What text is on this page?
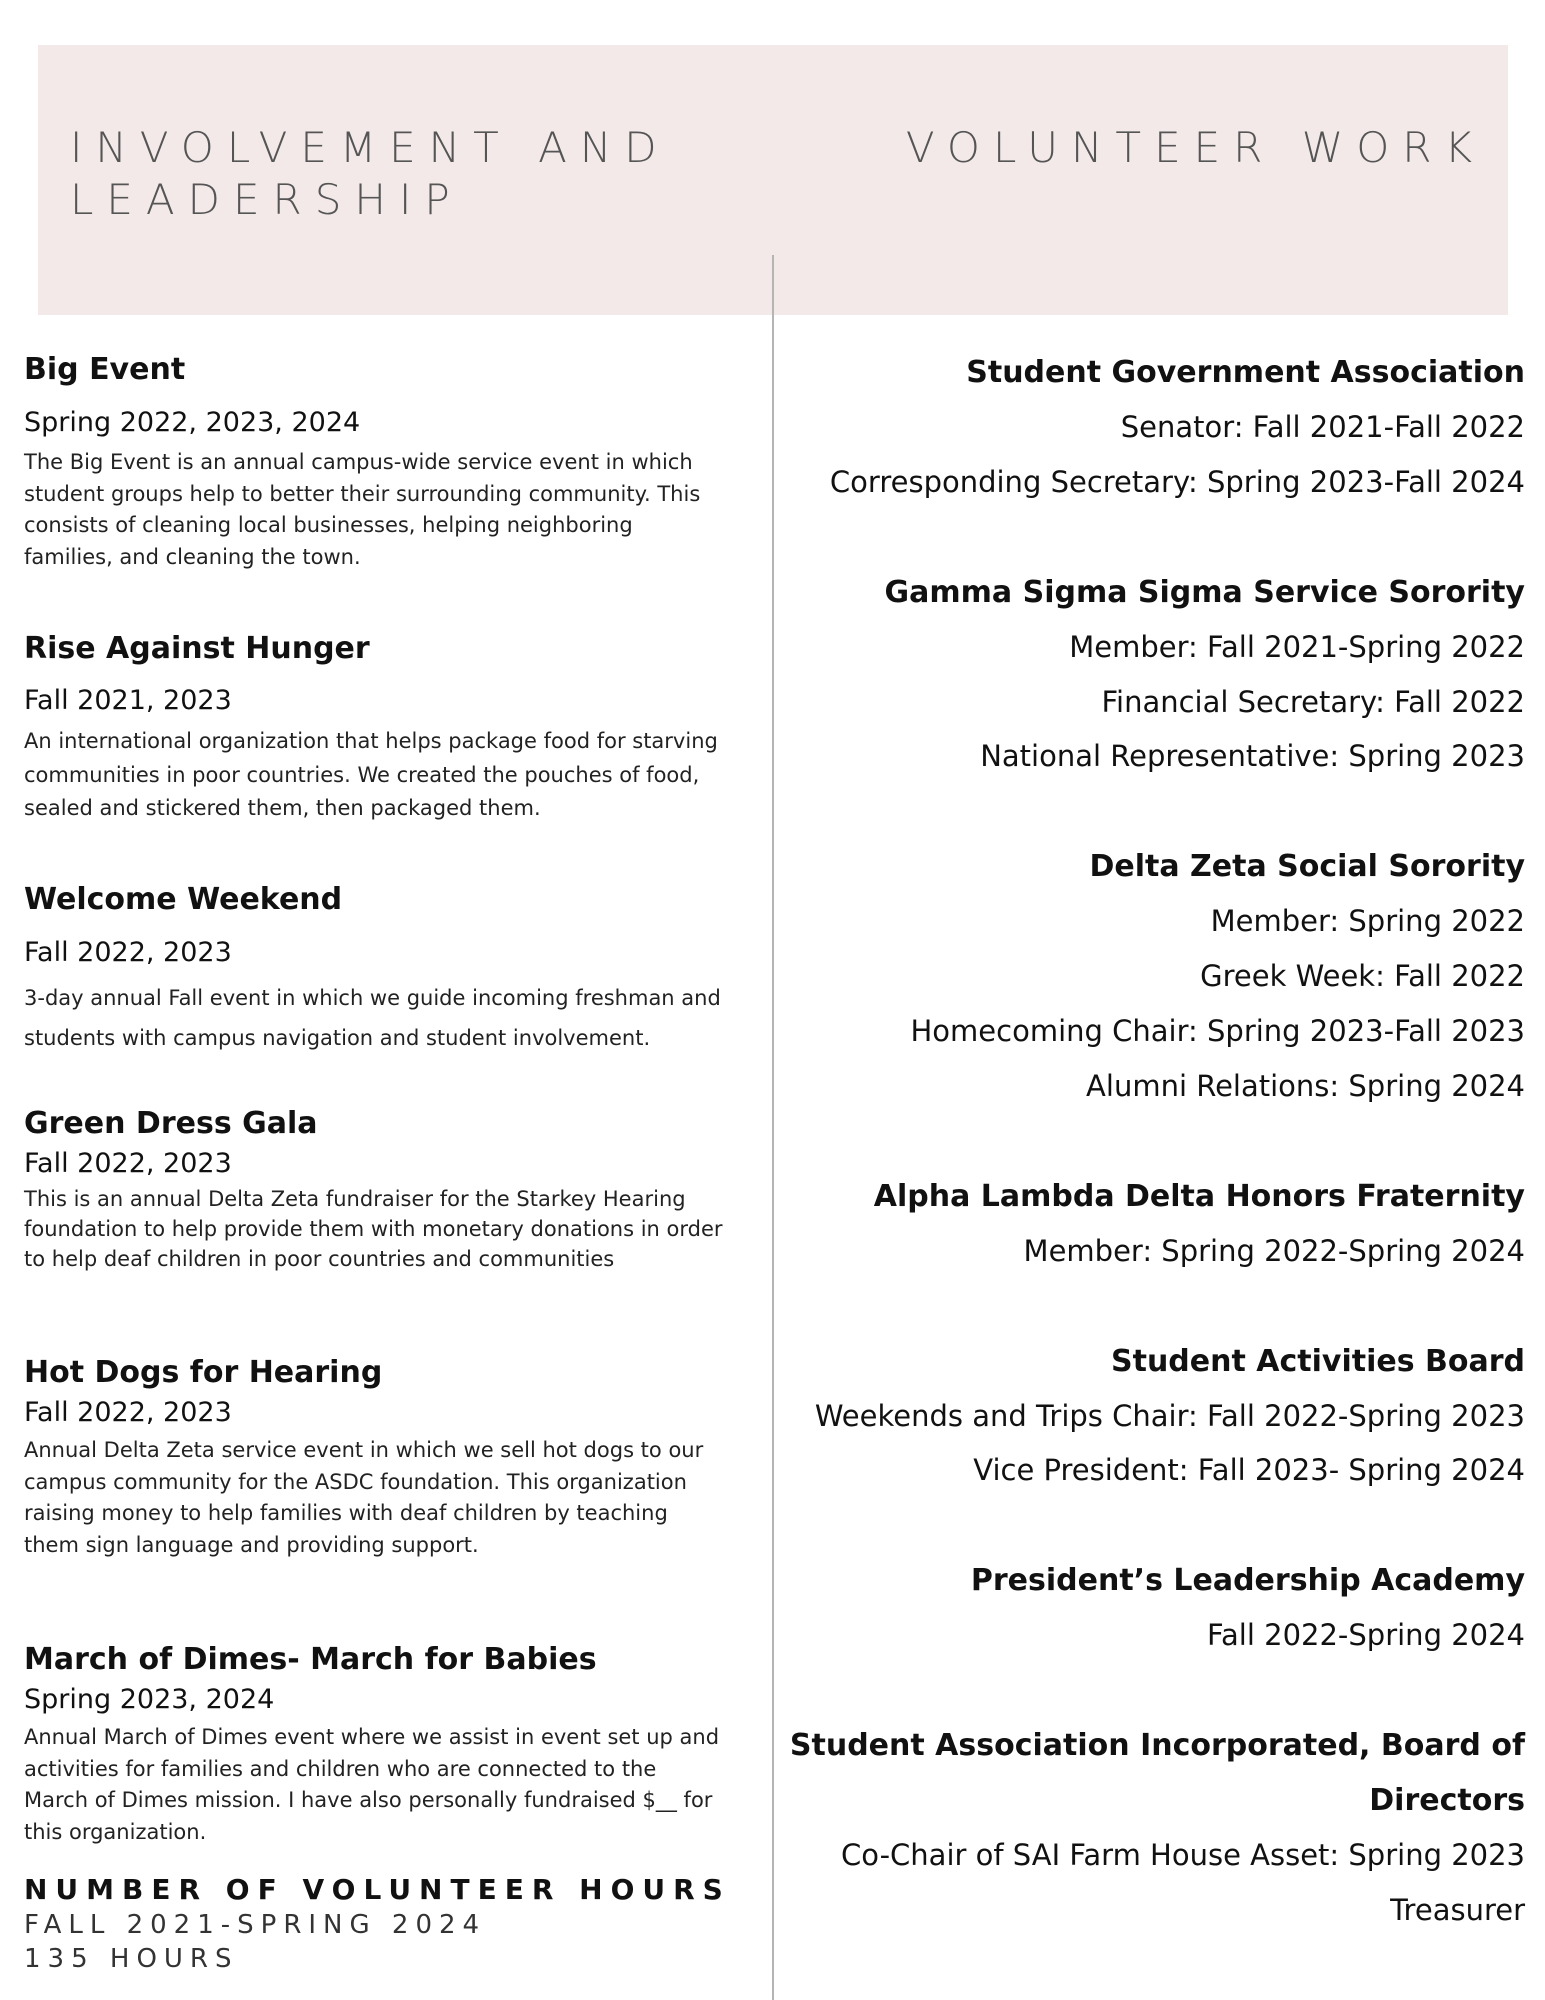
INVOLVEMENT AND LEADERSHIP
VOLUNTEER WORK
Big Event
Spring 2022, 2023, 2024
The Big Event is an annual campus-wide service event in which student groups help to better their surrounding community. This consists of cleaning local businesses, helping neighboring families, and cleaning the town.
Rise Against Hunger
Fall 2021, 2023
An international organization that helps package food for starving communities in poor countries. We created the pouches of food, sealed and stickered them, then packaged them.
Welcome Weekend
Fall 2022, 2023
3-day annual Fall event in which we guide incoming freshman and students with campus navigation and student involvement.
Green Dress Gala
Fall 2022, 2023
This is an annual Delta Zeta fundraiser for the Starkey Hearing foundation to help provide them with monetary donations in order to help deaf children in poor countries and communities
Hot Dogs for Hearing
Fall 2022, 2023
Annual Delta Zeta service event in which we sell hot dogs to our campus community for the ASDC foundation. This organization raising money to help families with deaf children by teaching them sign language and providing support.
March of Dimes- March for Babies
Spring 2023, 2024
Annual March of Dimes event where we assist in event set up and activities for families and children who are connected to the March of Dimes mission. I have also personally fundraised $__ for this organization.
NUMBER OF VOLUNTEER HOURS
FALL 2021-SPRING 2024
135 HOURS
Student Government Association
Senator: Fall 2021-Fall 2022
Corresponding Secretary: Spring 2023-Fall 2024
Gamma Sigma Sigma Service Sorority
Member: Fall 2021-Spring 2022
Financial Secretary: Fall 2022
National Representative: Spring 2023
Delta Zeta Social Sorority
Member: Spring 2022
Greek Week: Fall 2022
Homecoming Chair: Spring 2023-Fall 2023
Alumni Relations: Spring 2024
Alpha Lambda Delta Honors Fraternity
Member: Spring 2022-Spring 2024
Student Activities Board
Weekends and Trips Chair: Fall 2022-Spring 2023
Vice President: Fall 2023- Spring 2024
President’s Leadership Academy
Fall 2022-Spring 2024
Student Association Incorporated, Board of
Directors
Co-Chair of SAI Farm House Asset: Spring 2023
Treasurer
